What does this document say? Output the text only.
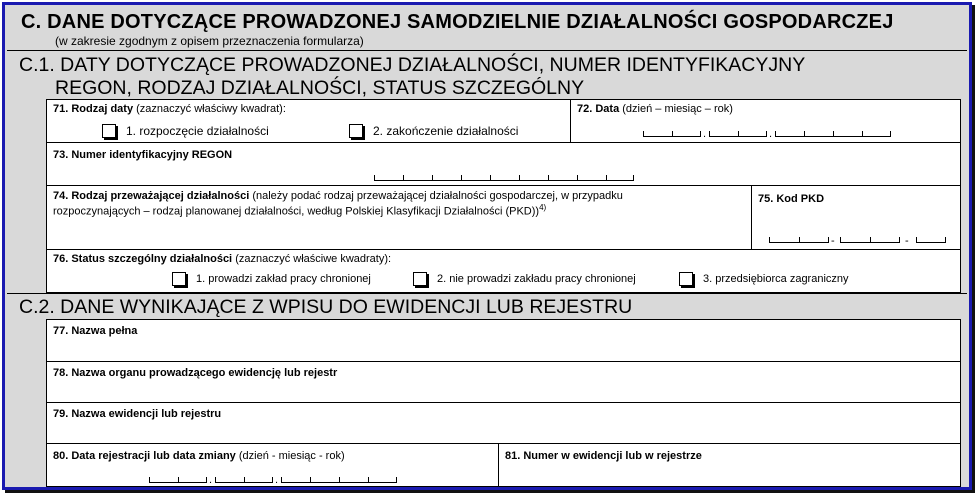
C. DANE DOTYCZĄCE PROWADZONEJ SAMODZIELNIE DZIAŁALNOŚCI GOSPODARCZEJ
(w zakresie zgodnym z opisem przeznaczenia formularza)
C.1. DATY DOTYCZĄCE PROWADZONEJ DZIAŁALNOŚCI, NUMER IDENTYFIKACYJNY
REGON, RODZAJ DZIAŁALNOŚCI, STATUS SZCZEGÓLNY
71. Rodzaj daty (zaznaczyć właściwy kwadrat):
1. rozpoczęcie działalności	2. zakończenie działalności
72. Data (dzień – miesiąc – rok)
.	.
73. Numer identyfikacyjny REGON
74. Rodzaj przeważającej działalności (należy podać rodzaj przeważającej działalności gospodarczej, w przypadku
rozpoczynających – rodzaj planowanej działalności, według Polskiej Klasyfikacji Działalności (PKD))$^{4)}$
75. Kod PKD
-	-
76. Status szczególny działalności (zaznaczyć właściwe kwadraty):
1. prowadzi zakład pracy chronionej	2. nie prowadzi zakładu pracy chronionej	3. przedsiębiorca zagraniczny
C.2. DANE WYNIKAJĄCE Z WPISU DO EWIDENCJI LUB REJESTRU
77. Nazwa pełna
78. Nazwa organu prowadzącego ewidencję lub rejestr
79. Nazwa ewidencji lub rejestru
80. Data rejestracji lub data zmiany (dzień - miesiąc - rok)
.	.
81. Numer w ewidencji lub w rejestrze
